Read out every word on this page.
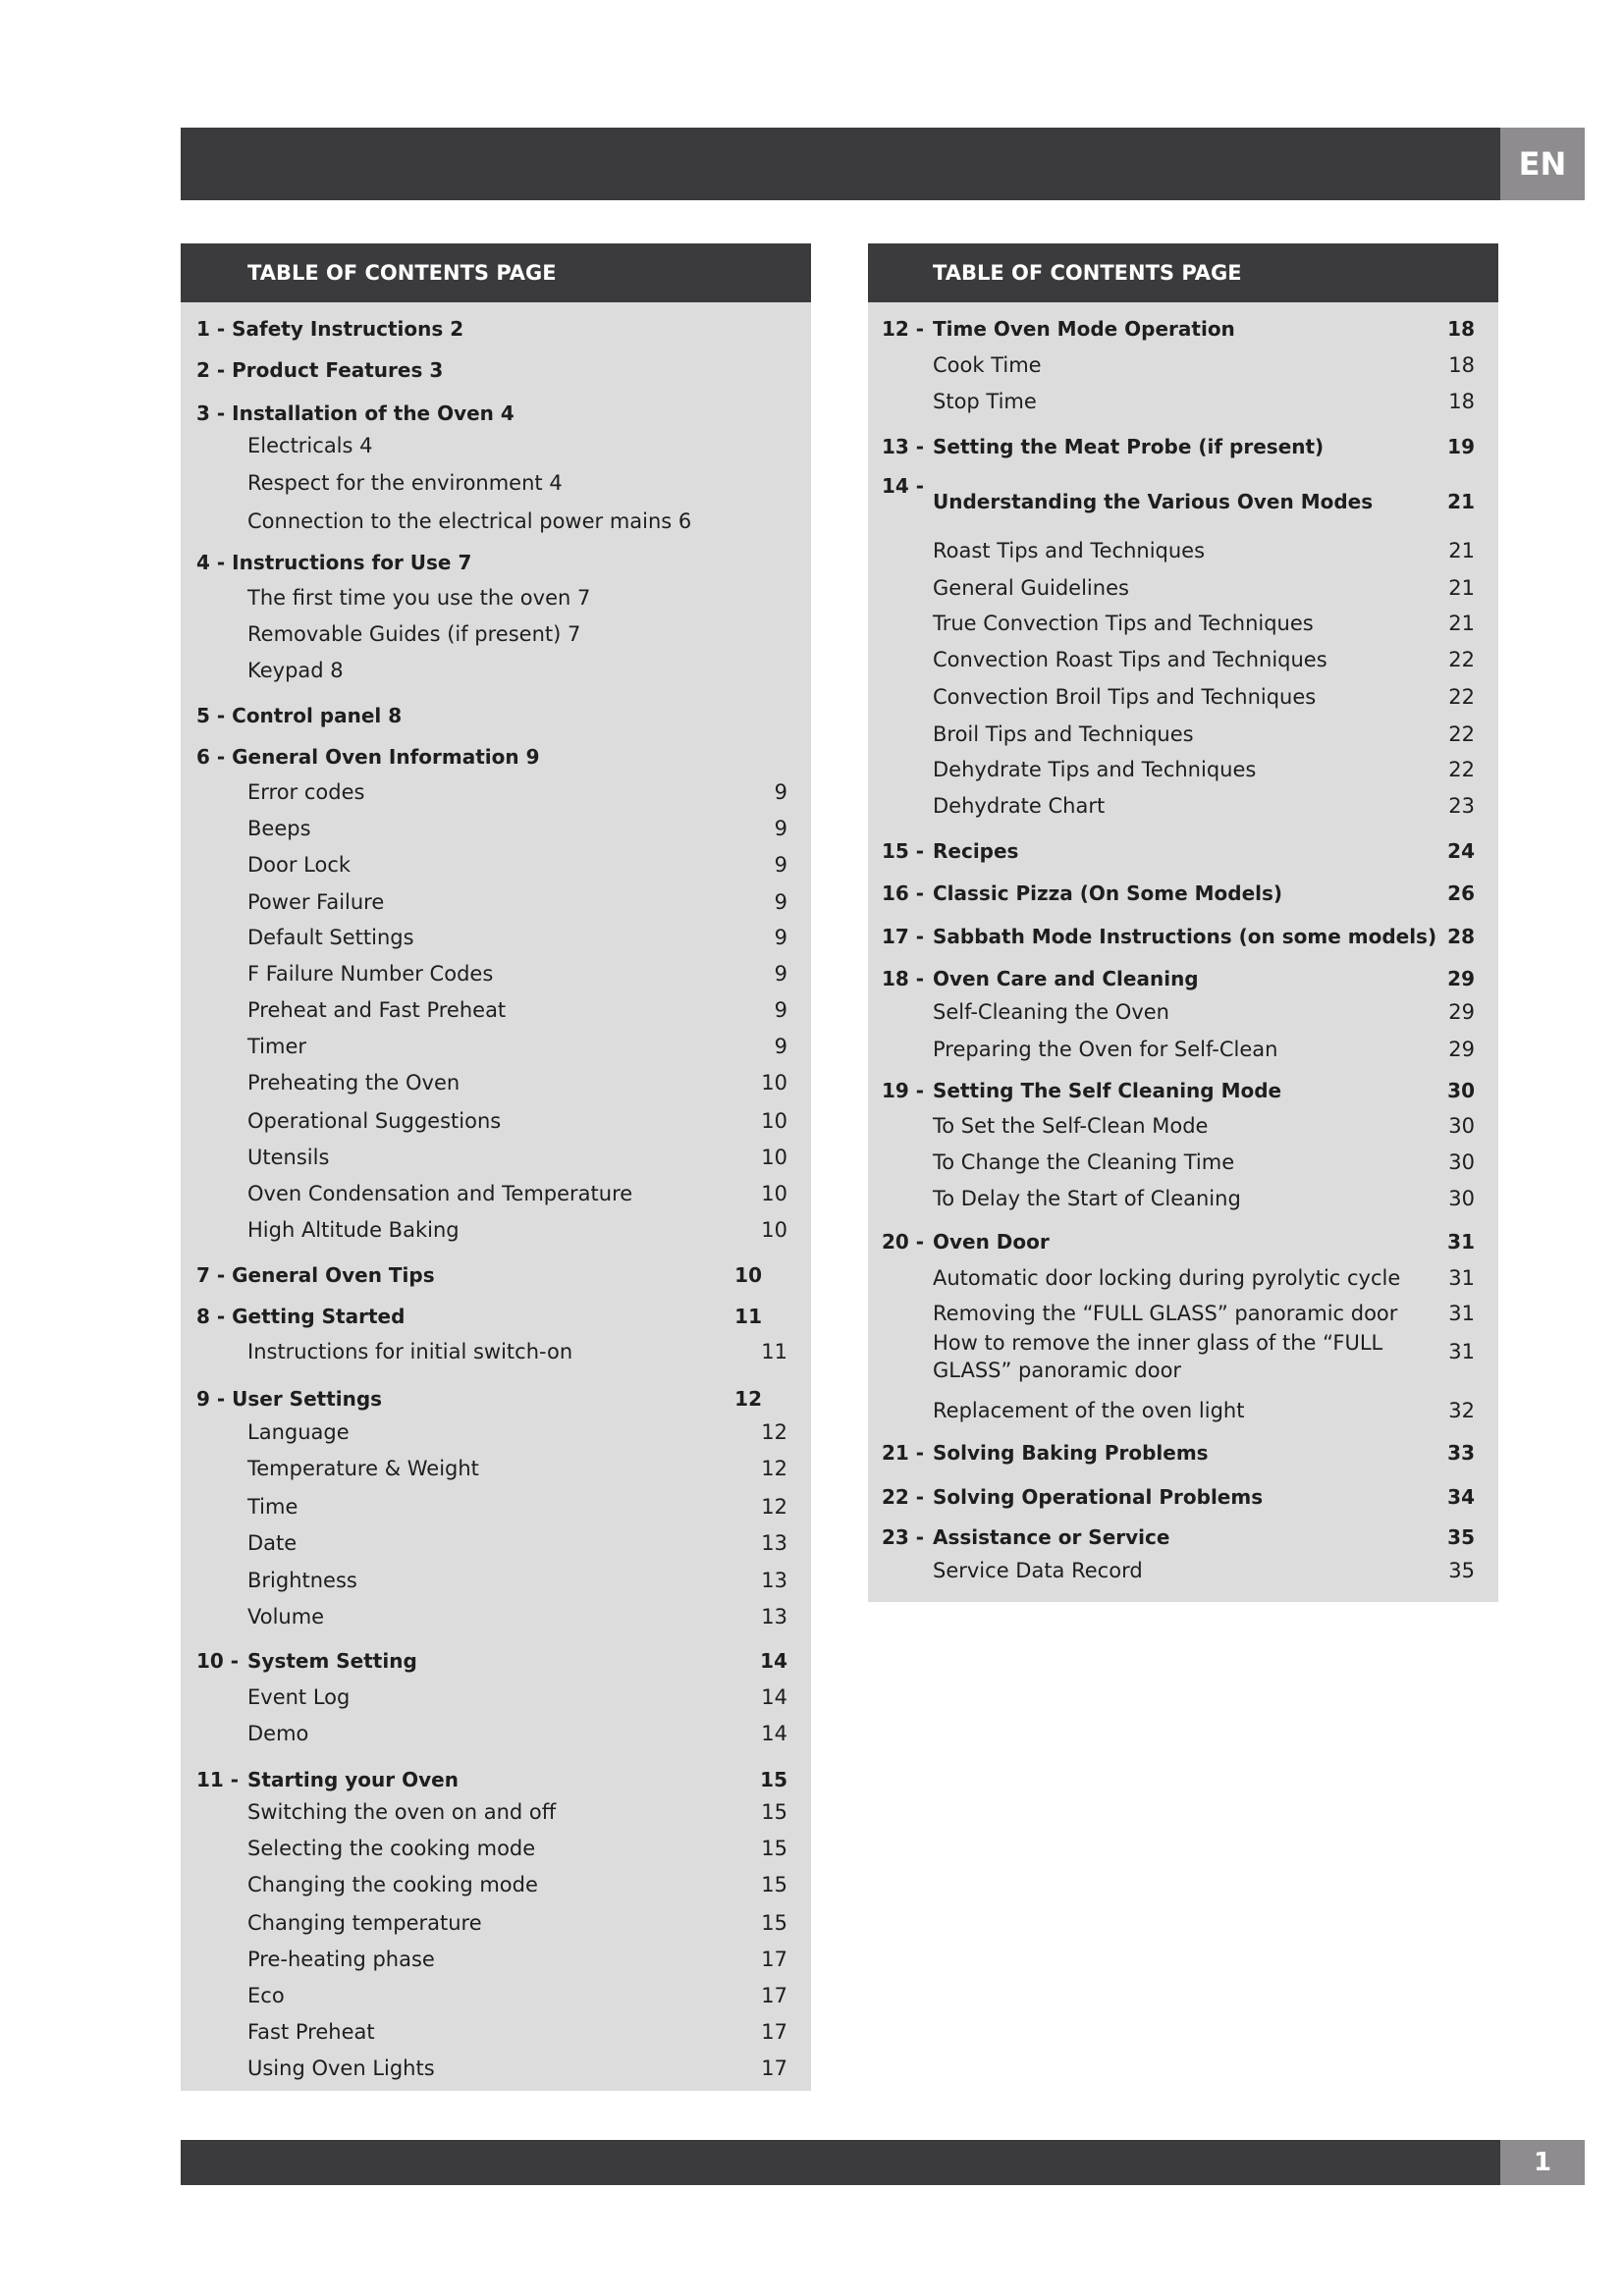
EN
TABLE OF CONTENTS PAGE
1 - Safety Instructions 2
2 - Product Features 3
3 - Installation of the Oven 4
Electricals 4
Respect for the environment 4
Connection to the electrical power mains 6
4 - Instructions for Use 7
The first time you use the oven 7
Removable Guides (if present) 7
Keypad 8
5 - Control panel 8
6 - General Oven Information 9
Error codes	9
Beeps	9
Door Lock	9
Power Failure	9
Default Settings	9
F Failure Number Codes	9
Preheat and Fast Preheat	9
Timer	9
Preheating the Oven	10
Operational Suggestions	10
Utensils	10
Oven Condensation and Temperature	10
High Altitude Baking	10
7 - General Oven Tips	10
8 - Getting Started	11
Instructions for initial switch-on	11
9 - User Settings	12
Language	12
Temperature & Weight	12
Time	12
Date	13
Brightness	13
Volume	13
10 - System Setting	14
Event Log	14
Demo	14
11 - Starting your Oven	15
Switching the oven on and off	15
Selecting the cooking mode	15
Changing the cooking mode	15
Changing temperature	15
Pre-heating phase	17
Eco	17
Fast Preheat	17
Using Oven Lights	17
TABLE OF CONTENTS PAGE
12 - Time Oven Mode Operation	18
Cook Time	18
Stop Time	18
13 - Setting the Meat Probe (if present)	19
14 -
Understanding the Various Oven Modes	21
Roast Tips and Techniques	21
General Guidelines	21
True Convection Tips and Techniques	21
Convection Roast Tips and Techniques	22
Convection Broil Tips and Techniques	22
Broil Tips and Techniques	22
Dehydrate Tips and Techniques	22
Dehydrate Chart	23
15 - Recipes	24
16 - Classic Pizza (On Some Models)	26
17 - Sabbath Mode Instructions (on some models) 28
18 - Oven Care and Cleaning	29
Self-Cleaning the Oven	29
Preparing the Oven for Self-Clean	29
19 - Setting The Self Cleaning Mode	30
To Set the Self-Clean Mode	30
To Change the Cleaning Time	30
To Delay the Start of Cleaning	30
20 - Oven Door	31
Automatic door locking during pyrolytic cycle 31
Removing the “FULL GLASS” panoramic door 31
How to remove the inner glass of the “FULL GLASS” panoramic door
31
Replacement of the oven light	32
21 - Solving Baking Problems	33
22 - Solving Operational Problems	34
23 - Assistance or Service	35
Service Data Record	35
1
